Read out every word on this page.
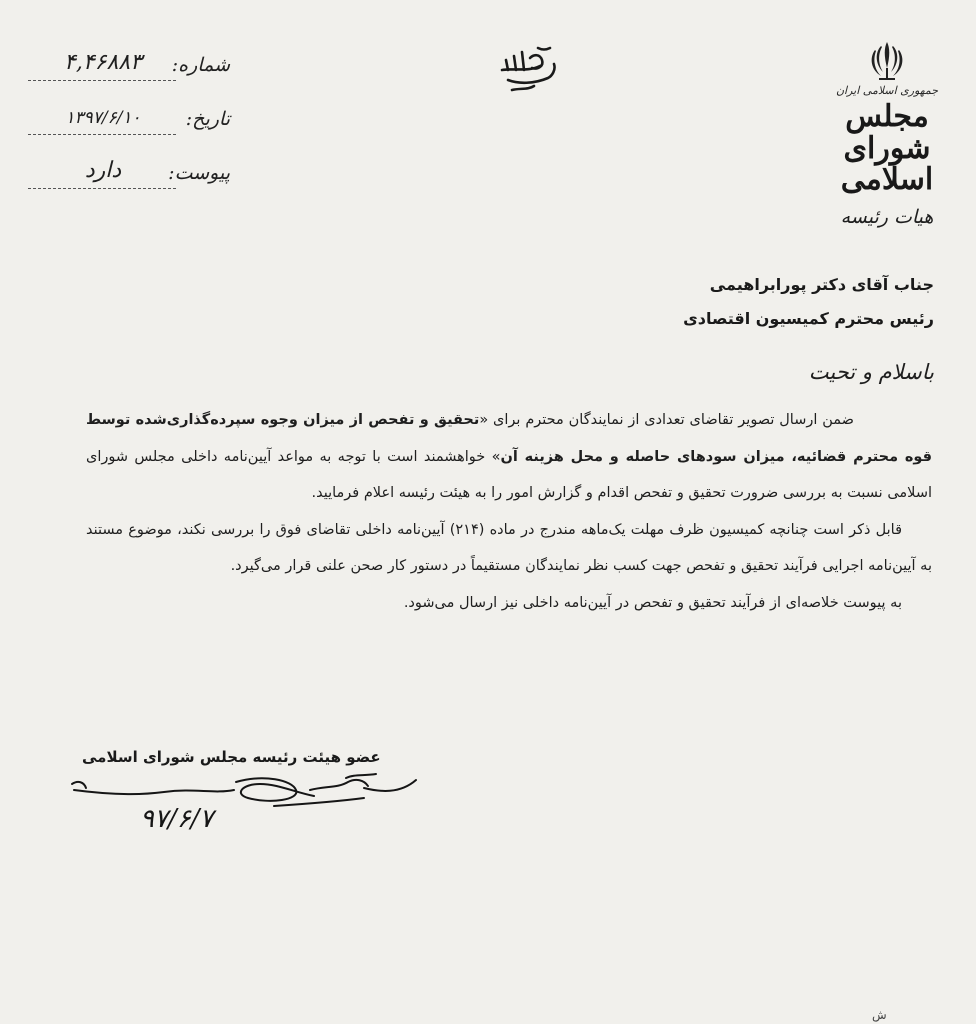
جمهوری اسلامی ایران
مجلس شورای
اسلامی
هیات رئیسه
شماره:
۴,۴۶۸۸۳
تاریخ:
۱۳۹۷/۶/۱۰
پیوست:
دارد
جناب آقای دکتر پورابراهیمی
رئیس محترم کمیسیون اقتصادی
باسلام و تحیت

ضمن ارسال تصویر تقاضای تعدادی از نمایندگان محترم برای «تحقیق و تفحص از میزان وجوه سپرده‌گذاری‌شده توسط قوه محترم قضائیه، میزان سودهای حاصله و محل هزینه آن» خواهشمند است با توجه به مواعد آیین‌نامه داخلی مجلس شورای اسلامی نسبت به بررسی ضرورت تحقیق و تفحص اقدام و گزارش امور را به هیئت رئیسه اعلام فرمایید.

قابل ذکر است چنانچه کمیسیون ظرف مهلت یک‌ماهه مندرج در ماده (۲۱۴) آیین‌نامه داخلی تقاضای فوق را بررسی نکند، موضوع مستند به آیین‌نامه اجرایی فرآیند تحقیق و تفحص جهت کسب نظر نمایندگان مستقیماً در دستور کار صحن علنی قرار می‌گیرد.

به پیوست خلاصه‌ای از فرآیند تحقیق و تفحص در آیین‌نامه داخلی نیز ارسال می‌شود.

عضو هیئت رئیسه مجلس شورای اسلامی
۹۷/۶/۷
ش
